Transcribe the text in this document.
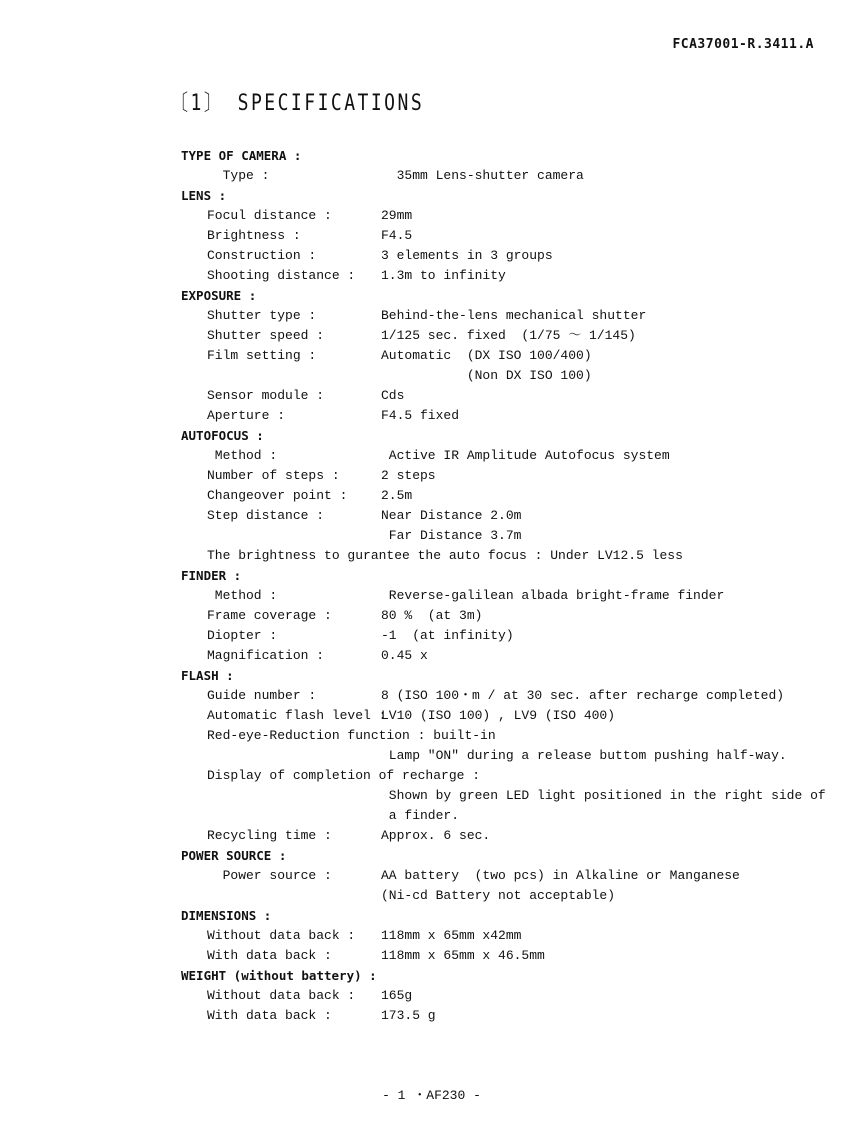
FCA37001-R.3411.A
〔1〕 SPECIFICATIONS
TYPE OF CAMERA :
Type :	35mm Lens-shutter camera
LENS :
Focul distance :	29mm
Brightness :	F4.5
Construction :	3 elements in 3 groups
Shooting distance : 1.3m to infinity
EXPOSURE :
Shutter type :	Behind-the-lens mechanical shutter
Shutter speed :	1/125 sec. fixed  (1/75 ～ 1/145)
Film setting :	Automatic  (DX ISO 100/400)
(Non DX ISO 100)
Sensor module :	Cds
Aperture :	F4.5 fixed
AUTOFOCUS :
Method :	Active IR Amplitude Autofocus system
Number of steps :	2 steps
Changeover point :	2.5m
Step distance :	Near Distance 2.0m
Far Distance 3.7m
The brightness to gurantee the auto focus : Under LV12.5 less
FINDER :
Method :	Reverse-galilean albada bright-frame finder
Frame coverage :	80 %  (at 3m)
Diopter :	-1  (at infinity)
Magnification :	0.45 x
FLASH :
Guide number :	8 (ISO 100・m / at 30 sec. after recharge completed)
Automatic flash level :
LV10 (ISO 100) , LV9 (ISO 400)
Red-eye-Reduction function : built-in
Lamp "ON" during a release buttom pushing half-way.
Display of completion of recharge :
Shown by green LED light positioned in the right side of
a finder.
Recycling time :	Approx. 6 sec.
POWER SOURCE :
Power source :	AA battery  (two pcs) in Alkaline or Manganese
(Ni-cd Battery not acceptable)
DIMENSIONS :
Without data back : 118mm x 65mm x42mm
With data back :	118mm x 65mm x 46.5mm
WEIGHT (without battery) :
Without data back : 165g
With data back :	173.5 g
- 1 ・AF230 -
